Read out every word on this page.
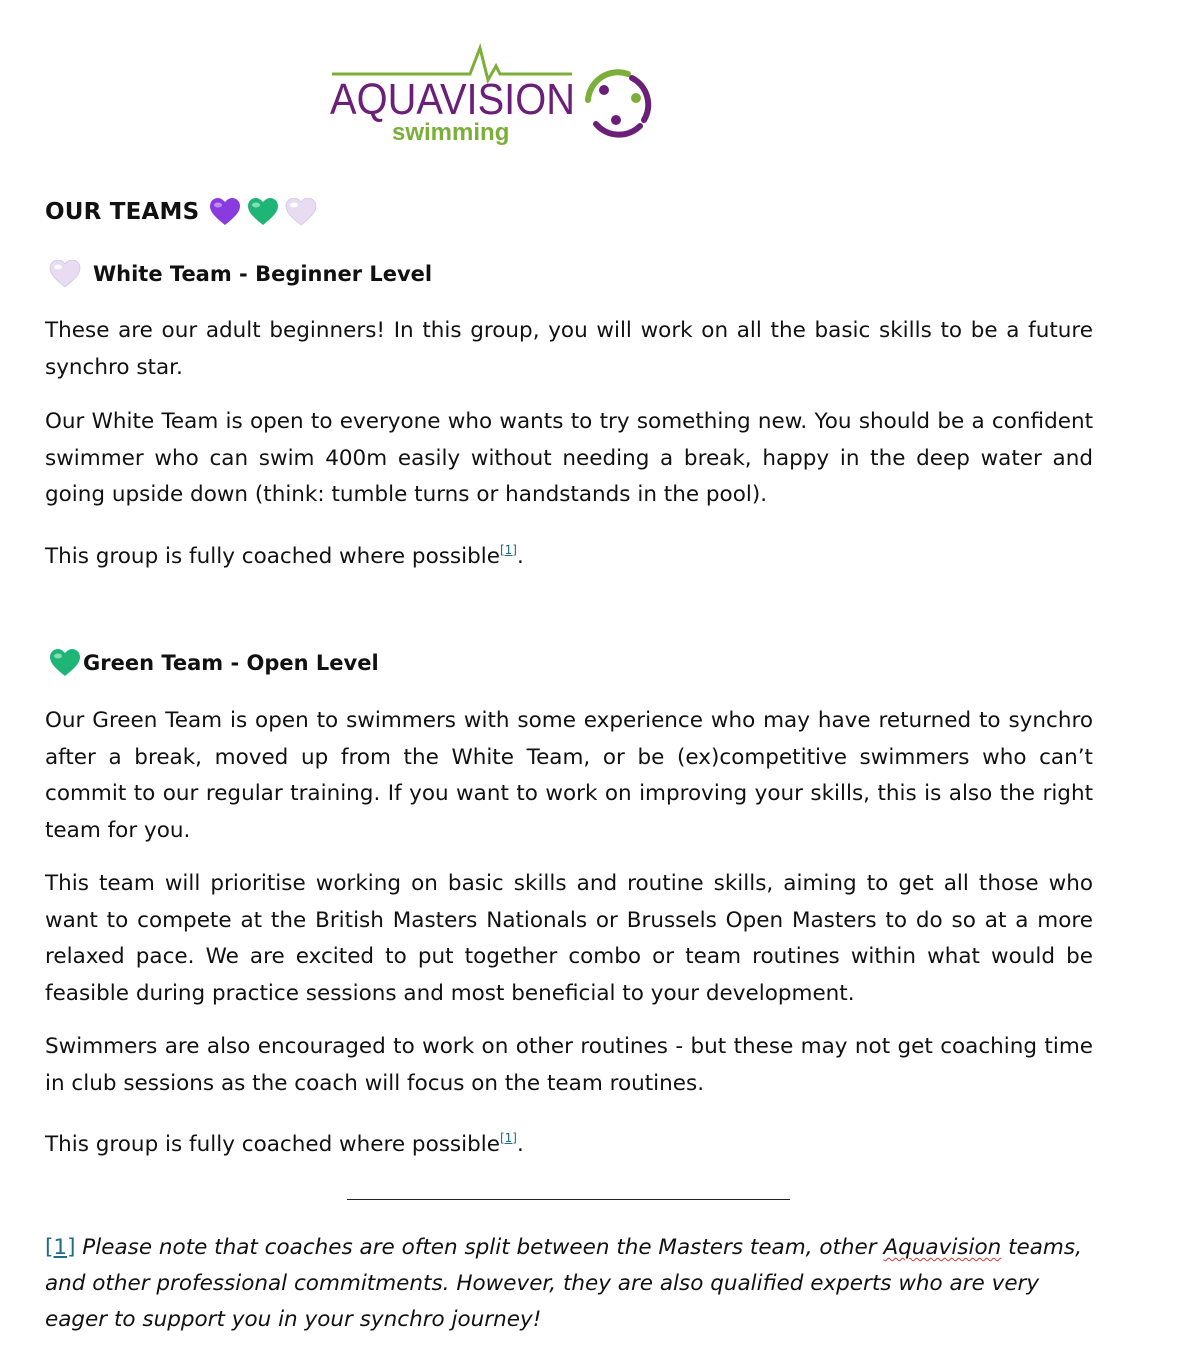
AQUAVISION
swimming
OUR TEAMS
White Team - Beginner Level

These are our adult beginners! In this group, you will work on all the basic skills to be a future synchro star.

Our White Team is open to everyone who wants to try something new. You should be a confident swimmer who can swim 400m easily without needing a break, happy in the deep water and going upside down (think: tumble turns or handstands in the pool).

This group is fully coached where possible[1].

Green Team - Open Level

Our Green Team is open to swimmers with some experience who may have returned to synchro after a break, moved up from the White Team, or be (ex)competitive swimmers who can’t commit to our regular training. If you want to work on improving your skills, this is also the right team for you.

This team will prioritise working on basic skills and routine skills, aiming to get all those who want to compete at the British Masters Nationals or Brussels Open Masters to do so at a more relaxed pace. We are excited to put together combo or team routines within what would be feasible during practice sessions and most beneficial to your development.

Swimmers are also encouraged to work on other routines - but these may not get coaching time in club sessions as the coach will focus on the team routines.

This group is fully coached where possible[1].

[1] Please note that coaches are often split between the Masters team, other Aquavision teams, and other professional commitments. However, they are also qualified experts who are very eager to support you in your synchro journey!
